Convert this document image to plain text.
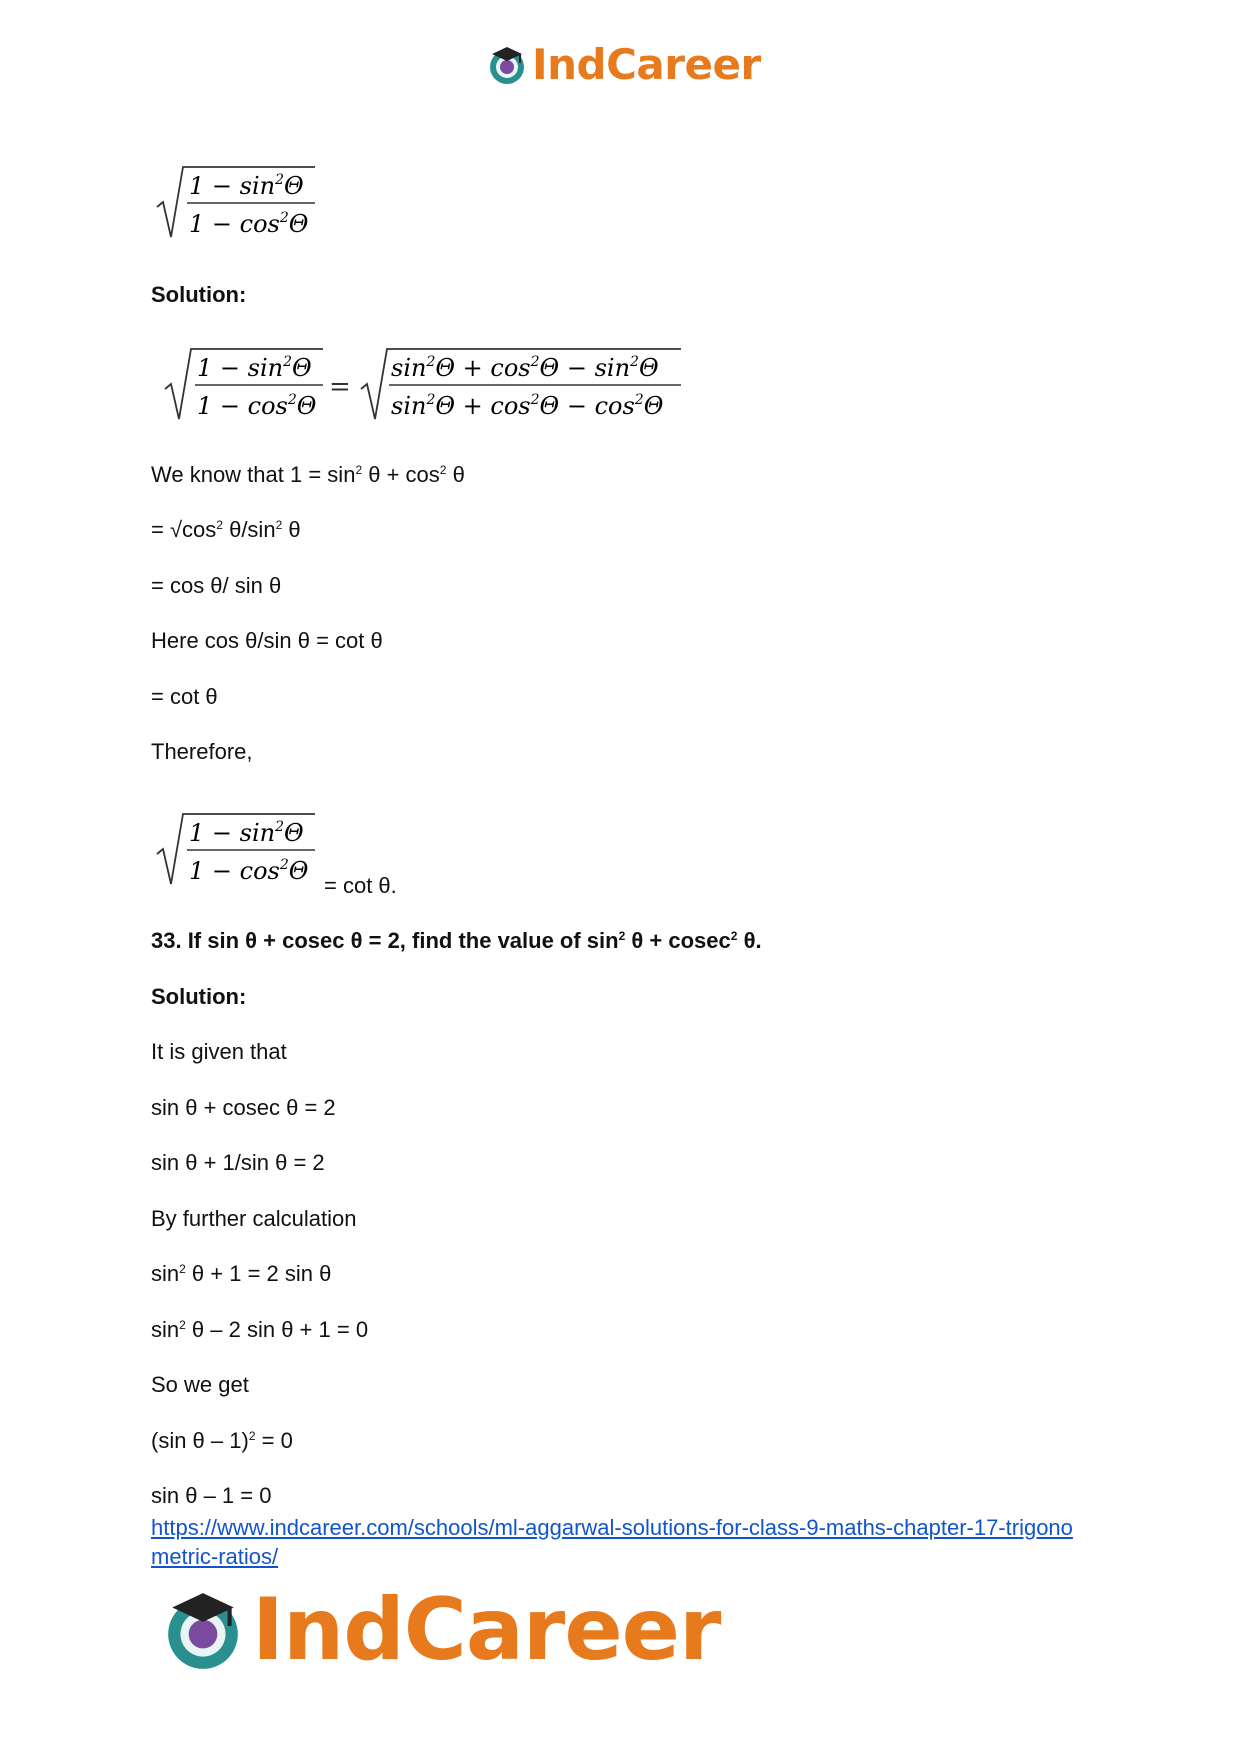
IndCareer
$1 - \sin^2\Theta$
$1 - \cos^2\Theta$
Solution:
$1 - \sin^2\Theta$
$1 - \cos^2\Theta$
=
$\sin^2\Theta + \cos^2\Theta - \sin^2\Theta$
$\sin^2\Theta + \cos^2\Theta - \cos^2\Theta$
We know that $1 = \sin^2 \theta + \cos^2 \theta$
= $√\cos^2$ $\theta/\sin^2$ θ
= cos θ/ sin θ
Here cos θ/sin θ = cot θ
= cot θ
Therefore,
$1 - \sin^2\Theta$
$1 - \cos^2\Theta$
= cot θ.
33. If sin θ + cosec θ = 2, find the value of $\sin^2 \theta + cosec^2$ θ.
Solution:
It is given that
sin θ + cosec θ = 2
sin θ + 1/sin θ = 2
By further calculation
$\sin^2 \theta + 1 = 2$ sin θ
$\sin^2 \theta - 2$ sin θ + 1 = 0
So we get
(sin θ – 1)$^2$ = 0
sin θ – 1 = 0
https://www.indcareer.com/schools/ml-aggarwal-solutions-for-class-9-maths-chapter-17-trigonometric-ratios/
IndCareer
